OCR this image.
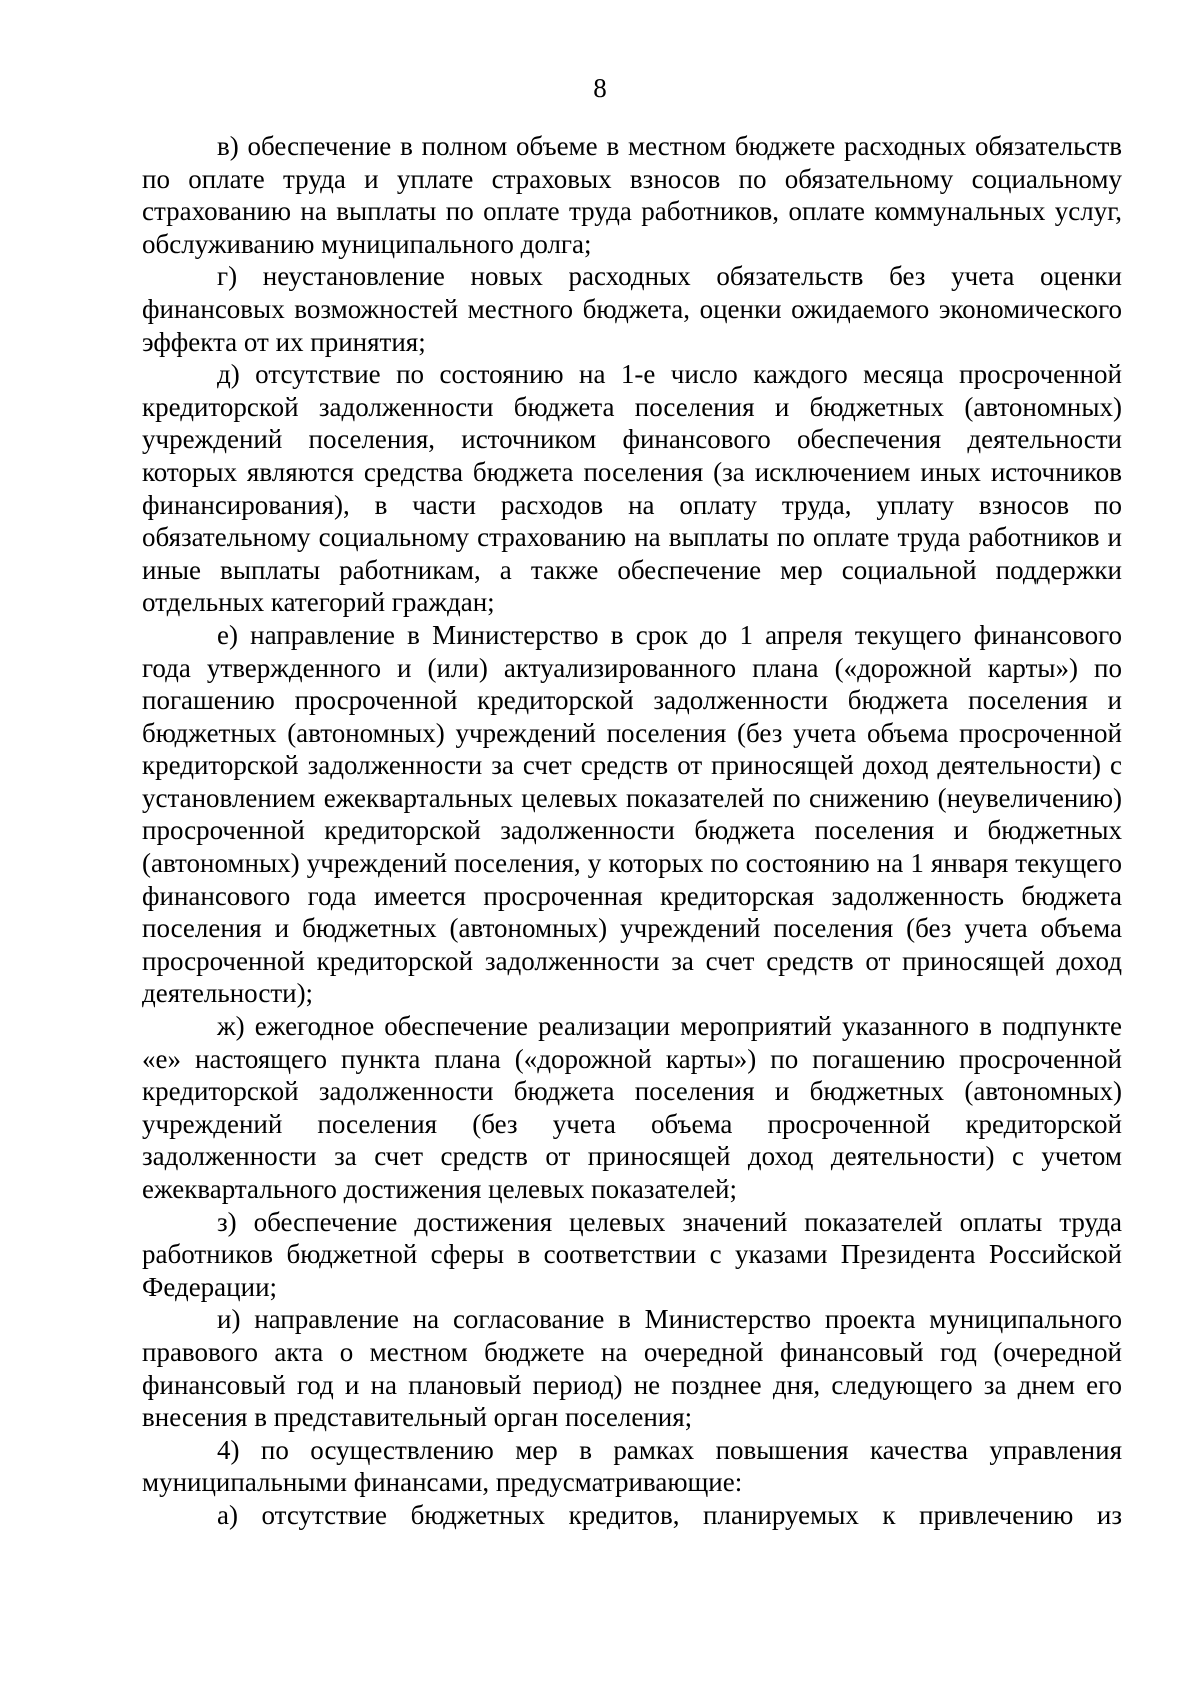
8

в) обеспечение в полном объеме в местном бюджете расходных обязательств по оплате труда и уплате страховых взносов по обязательному социальному страхованию на выплаты по оплате труда работников, оплате коммунальных услуг, обслуживанию муниципального долга;

г) неустановление новых расходных обязательств без учета оценки финансовых возможностей местного бюджета, оценки ожидаемого экономического эффекта от их принятия;

д) отсутствие по состоянию на 1-е число каждого месяца просроченной кредиторской задолженности бюджета поселения и бюджетных (автономных) учреждений поселения, источником финансового обеспечения деятельности которых являются средства бюджета поселения (за исключением иных источников финансирования), в части расходов на оплату труда, уплату взносов по обязательному социальному страхованию на выплаты по оплате труда работников и иные выплаты работникам, а также обеспечение мер социальной поддержки отдельных категорий граждан;

е) направление в Министерство в срок до 1 апреля текущего финансового года утвержденного и (или) актуализированного плана («дорожной карты») по погашению просроченной кредиторской задолженности бюджета поселения и бюджетных (автономных) учреждений поселения (без учета объема просроченной кредиторской задолженности за счет средств от приносящей доход деятельности) с установлением ежеквартальных целевых показателей по снижению (неувеличению) просроченной кредиторской задолженности бюджета поселения и бюджетных (автономных) учреждений поселения, у которых по состоянию на 1 января текущего финансового года имеется просроченная кредиторская задолженность бюджета поселения и бюджетных (автономных) учреждений поселения (без учета объема просроченной кредиторской задолженности за счет средств от приносящей доход деятельности);

ж) ежегодное обеспечение реализации мероприятий указанного в подпункте «е» настоящего пункта плана («дорожной карты») по погашению просроченной кредиторской задолженности бюджета поселения и бюджетных (автономных) учреждений поселения (без учета объема просроченной кредиторской задолженности за счет средств от приносящей доход деятельности) с учетом ежеквартального достижения целевых показателей;

з) обеспечение достижения целевых значений показателей оплаты труда работников бюджетной сферы в соответствии с указами Президента Российской Федерации;

и) направление на согласование в Министерство проекта муниципального правового акта о местном бюджете на очередной финансовый год (очередной финансовый год и на плановый период) не позднее дня, следующего за днем его внесения в представительный орган поселения;

4) по осуществлению мер в рамках повышения качества управления муниципальными финансами, предусматривающие:

а) отсутствие бюджетных кредитов, планируемых к привлечению из
